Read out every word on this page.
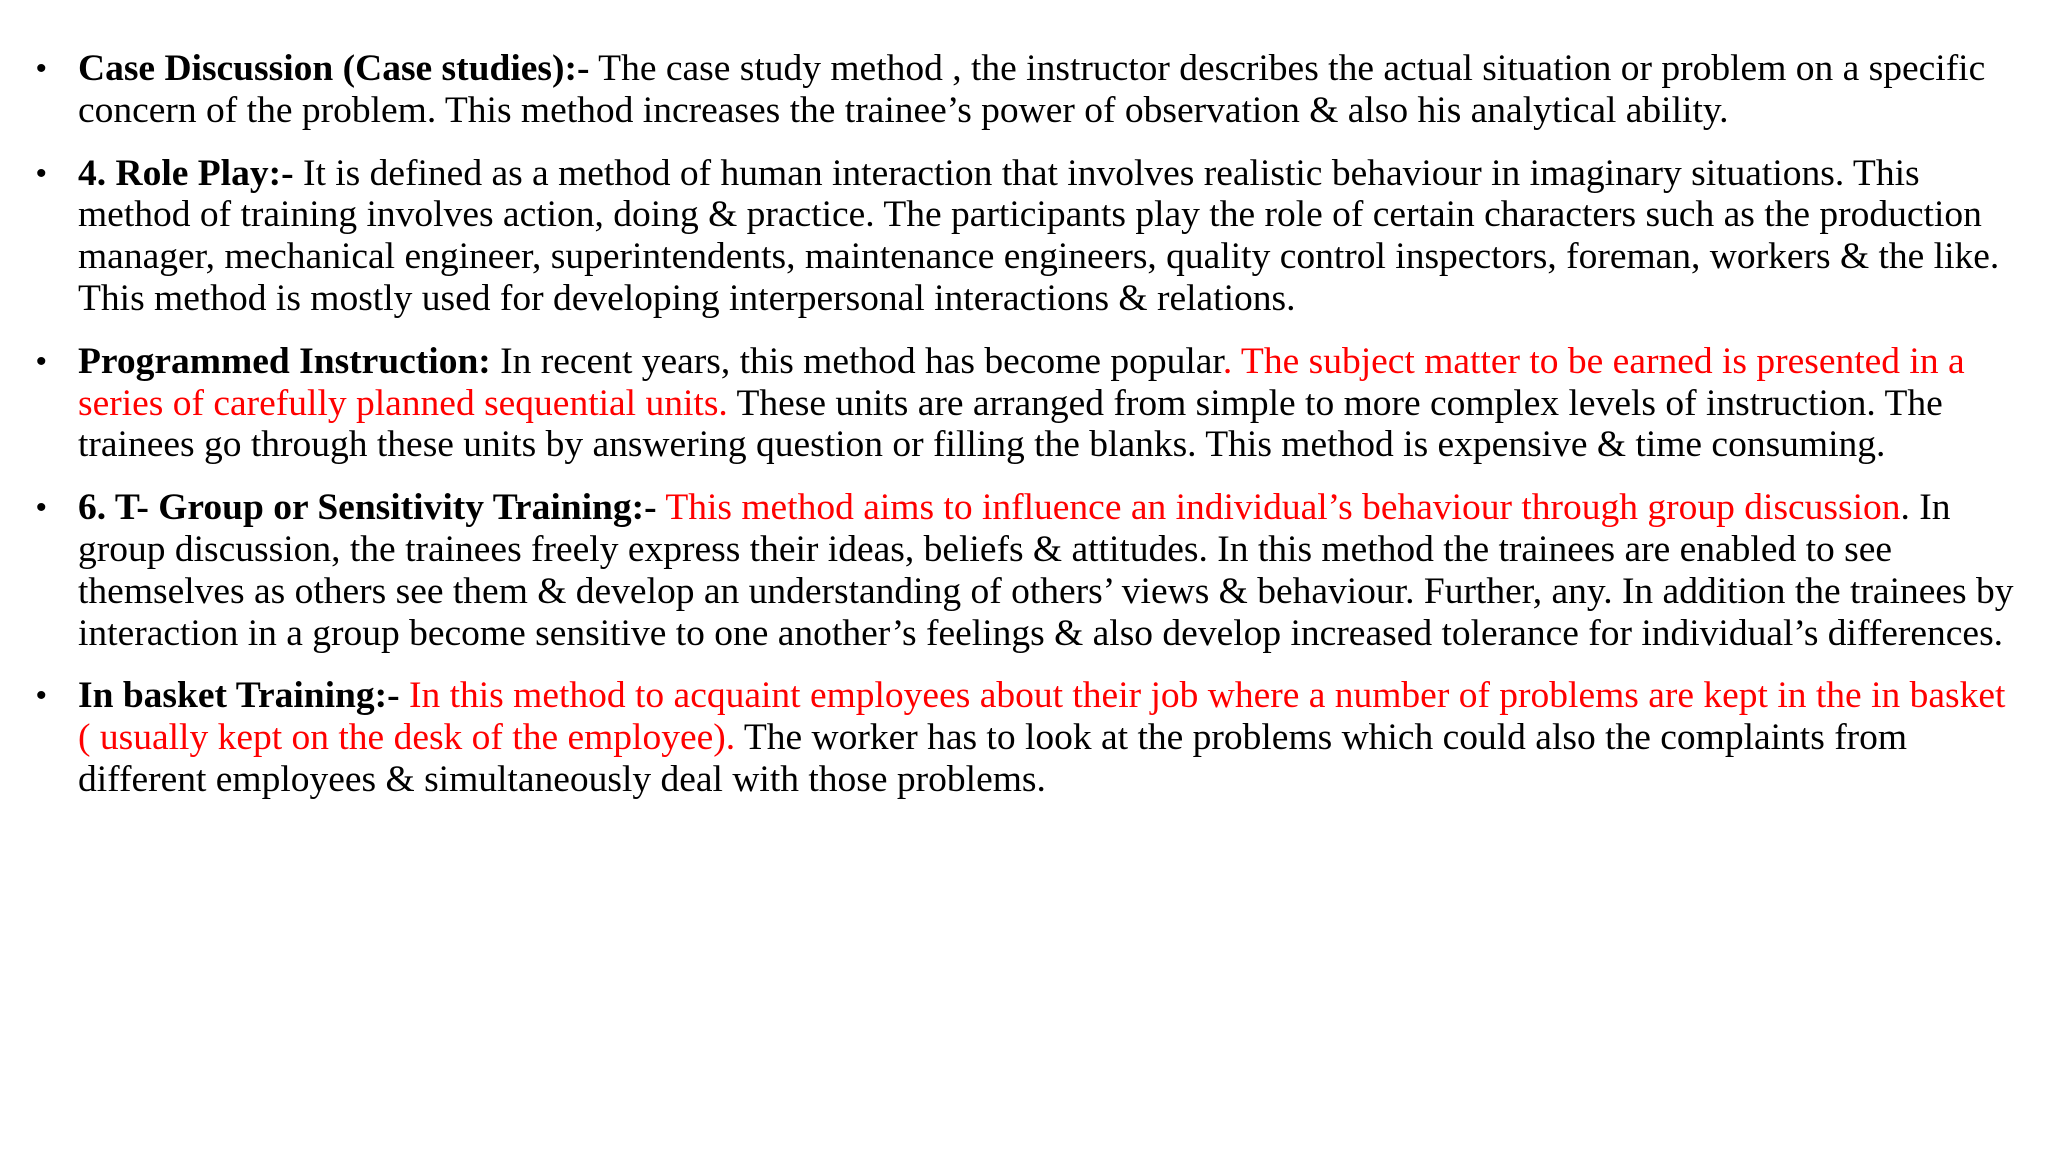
• Case Discussion (Case studies):- The case study method , the instructor describes the actual situation or problem on a specific concern of the problem. This method increases the trainee’s power of observation & also his analytical ability.
• 4. Role Play:- It is defined as a method of human interaction that involves realistic behaviour in imaginary situations. This method of training involves action, doing & practice. The participants play the role of certain characters such as the production manager, mechanical engineer, superintendents, maintenance engineers, quality control inspectors, foreman, workers & the like. This method is mostly used for developing interpersonal interactions & relations.
• Programmed Instruction: In recent years, this method has become popular. The subject matter to be earned is presented in a series of carefully planned sequential units. These units are arranged from simple to more complex levels of instruction. The trainees go through these units by answering question or filling the blanks. This method is expensive & time consuming.
• 6. T- Group or Sensitivity Training:- This method aims to influence an individual’s behaviour through group discussion. In group discussion, the trainees freely express their ideas, beliefs & attitudes. In this method the trainees are enabled to see themselves as others see them & develop an understanding of others’ views & behaviour. Further, any. In addition the trainees by interaction in a group become sensitive to one another’s feelings & also develop increased tolerance for individual’s differences.
• In basket Training:- In this method to acquaint employees about their job where a number of problems are kept in the in basket ( usually kept on the desk of the employee). The worker has to look at the problems which could also the complaints from different employees & simultaneously deal with those problems.
